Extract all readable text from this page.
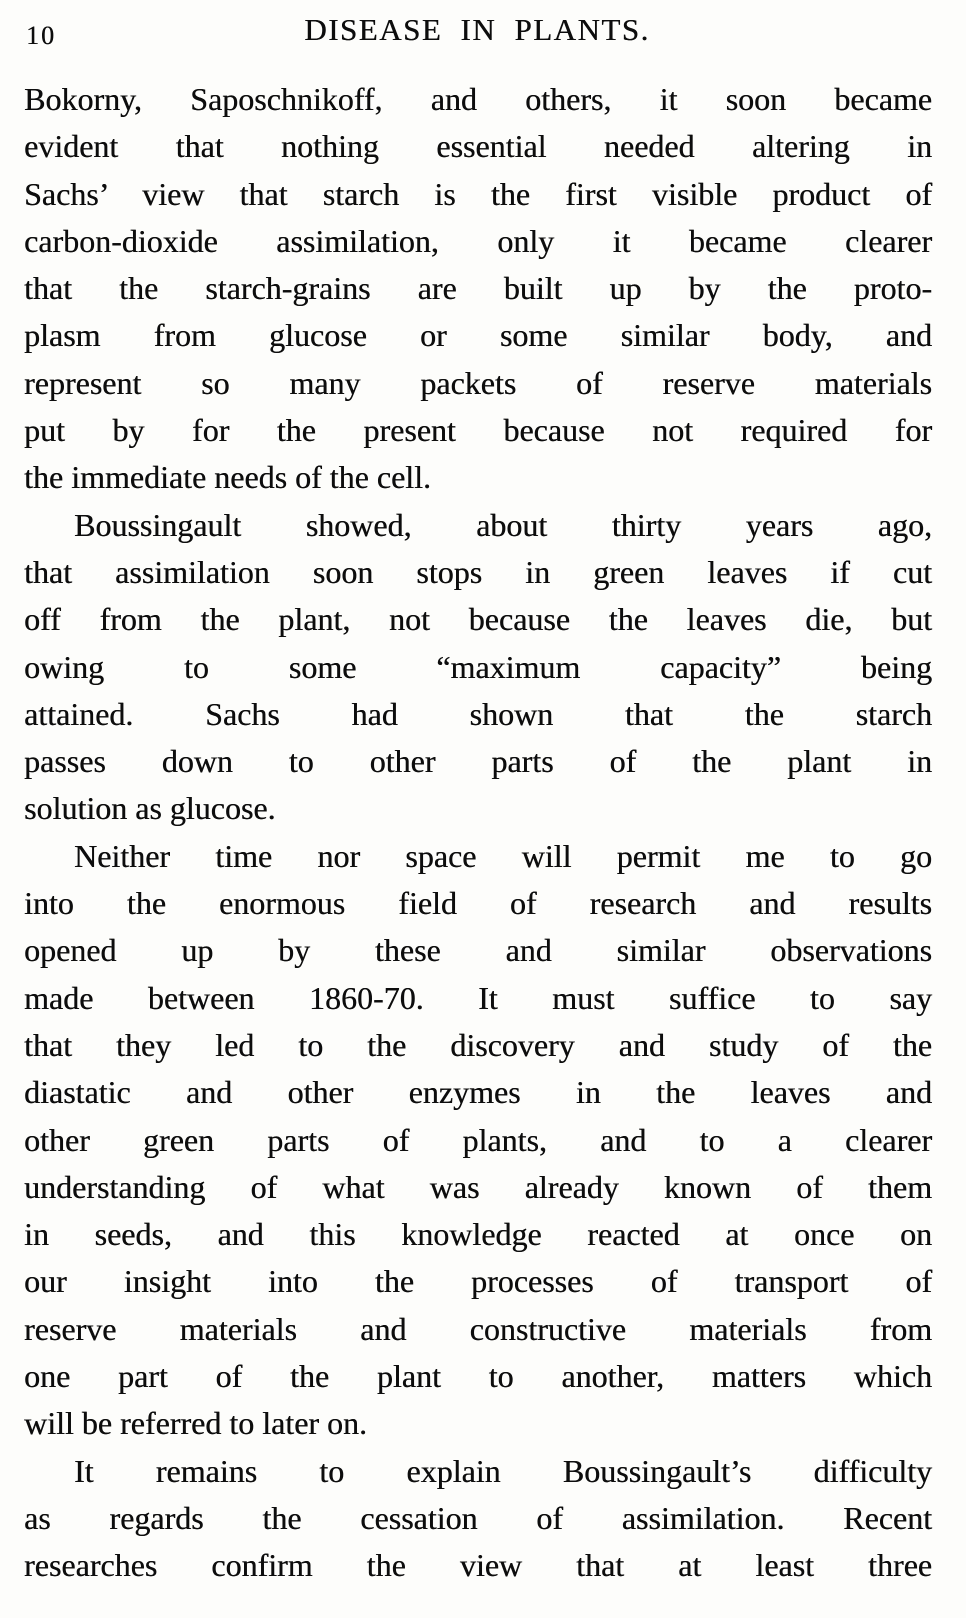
10	DISEASE IN PLANTS.
Bokorny, Saposchnikoff, and others, it soon became
evident that nothing essential needed altering in
Sachs’ view that starch is the first visible product of
carbon-dioxide assimilation, only it became clearer
that the starch-grains are built up by the proto-
plasm from glucose or some similar body, and
represent so many packets of reserve materials
put by for the present because not required for
the immediate needs of the cell.
Boussingault showed, about thirty years ago,
that assimilation soon stops in green leaves if cut
off from the plant, not because the leaves die, but
owing to some “maximum capacity” being
attained. Sachs had shown that the starch
passes down to other parts of the plant in
solution as glucose.
Neither time nor space will permit me to go
into the enormous field of research and results
opened up by these and similar observations
made between 1860-70. It must suffice to say
that they led to the discovery and study of the
diastatic and other enzymes in the leaves and
other green parts of plants, and to a clearer
understanding of what was already known of them
in seeds, and this knowledge reacted at once on
our insight into the processes of transport of
reserve materials and constructive materials from
one part of the plant to another, matters which
will be referred to later on.
It remains to explain Boussingault’s difficulty
as regards the cessation of assimilation. Recent
researches confirm the view that at least three
